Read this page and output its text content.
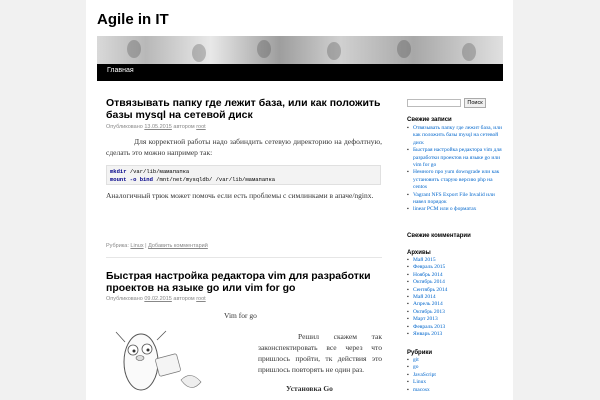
Agile in IT
Главная
Отвязывать папку где лежит база, или как положить базы mysql на сетевой диск
Опубликовано 13.05.2015 автором root
Для корректной работы надо забиндить сетевую директорию на дефолтную, сделать это можно например так:
mkdir /var/lib/мамапапка
mount -o bind /mnt/net/mysqldb/ /var/lib/мамапапка
Аналогичный трюк может помочь если есть проблемы с симлинками в апаче/nginx.
Рубрика: Linux | Добавить комментарий
Быстрая настройка редактора vim для разработки проектов на языке go или vim for go
Опубликовано 09.02.2015 автором root
Vim for go
Решил скажем так законспектировать все через что пришлось пройти, тк действия это пришлось повторять не один раз.
Установка Go
Поиск
Свежие записи
▪ Отвязывать папку где лежит база, или как положить базы mysql на сетевой диск
▪ Быстрая настройка редактора vim для разработки проектов на языке go или vim for go
▪ Немного про yum downgrade или как установить старую версию php на centos
▪ Vagrant NFS Export File Invalid или навел порядок
▪ linear PCM или о форматах
Свежие комментарии
Архивы
▪ Май 2015
▪ Февраль 2015
▪ Ноябрь 2014
▪ Октябрь 2014
▪ Сентябрь 2014
▪ Май 2014
▪ Апрель 2014
▪ Октябрь 2013
▪ Март 2013
▪ Февраль 2013
▪ Январь 2013
Рубрики
▪ git
▪ go
▪ JavaScript
▪ Linux
▪ macosx
